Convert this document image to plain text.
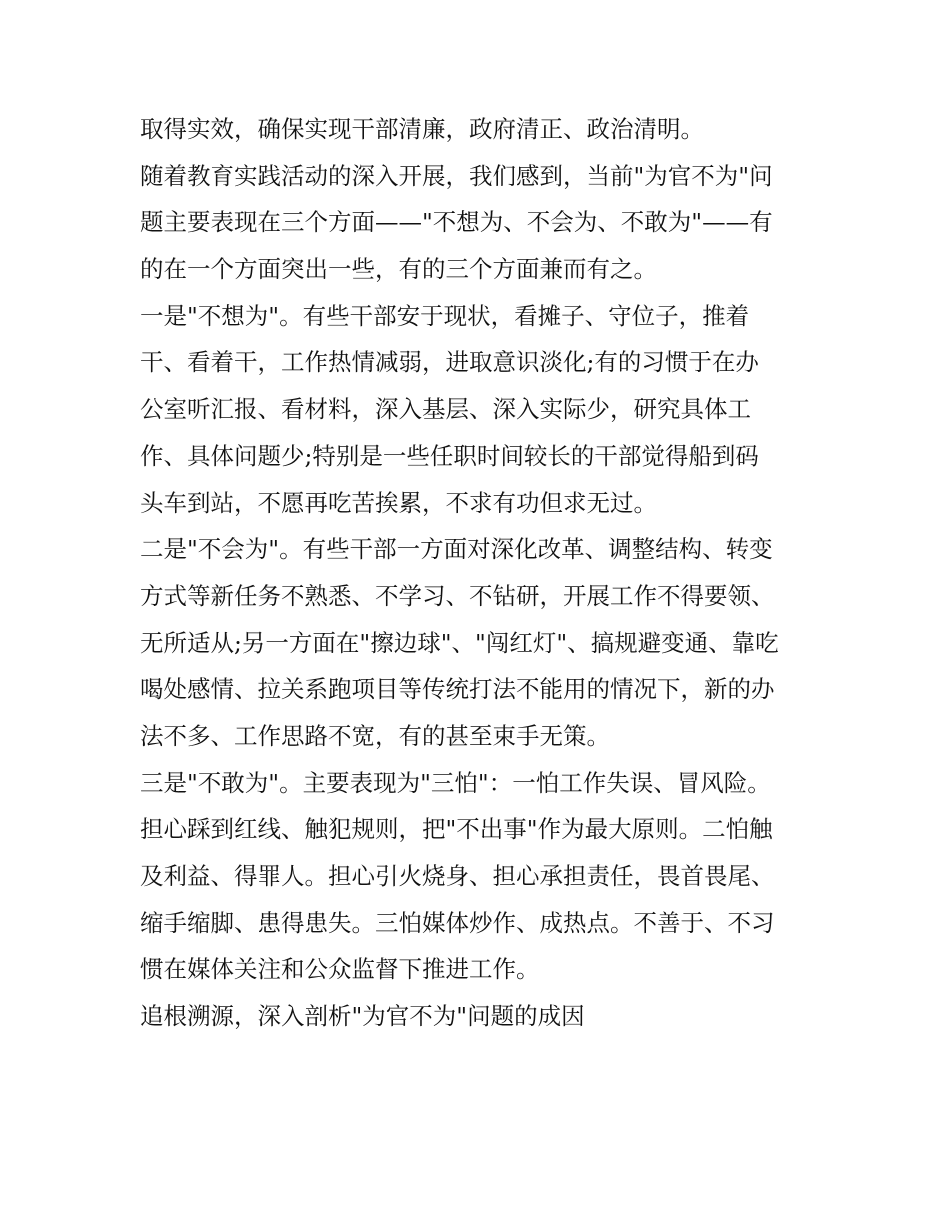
取得实效，确保实现干部清廉，政府清正、政治清明。
随着教育实践活动的深入开展，我们感到，当前"为官不为"问
题主要表现在三个方面——"不想为、不会为、不敢为"——有
的在一个方面突出一些，有的三个方面兼而有之。
一是"不想为"。有些干部安于现状，看摊子、守位子，推着
干、看着干，工作热情减弱，进取意识淡化;有的习惯于在办
公室听汇报、看材料，深入基层、深入实际少，研究具体工
作、具体问题少;特别是一些任职时间较长的干部觉得船到码
头车到站，不愿再吃苦挨累，不求有功但求无过。
二是"不会为"。有些干部一方面对深化改革、调整结构、转变
方式等新任务不熟悉、不学习、不钻研，开展工作不得要领、
无所适从;另一方面在"擦边球"、"闯红灯"、搞规避变通、靠吃
喝处感情、拉关系跑项目等传统打法不能用的情况下，新的办
法不多、工作思路不宽，有的甚至束手无策。
三是"不敢为"。主要表现为"三怕"：一怕工作失误、冒风险。
担心踩到红线、触犯规则，把"不出事"作为最大原则。二怕触
及利益、得罪人。担心引火烧身、担心承担责任，畏首畏尾、
缩手缩脚、患得患失。三怕媒体炒作、成热点。不善于、不习
惯在媒体关注和公众监督下推进工作。
追根溯源，深入剖析"为官不为"问题的成因
